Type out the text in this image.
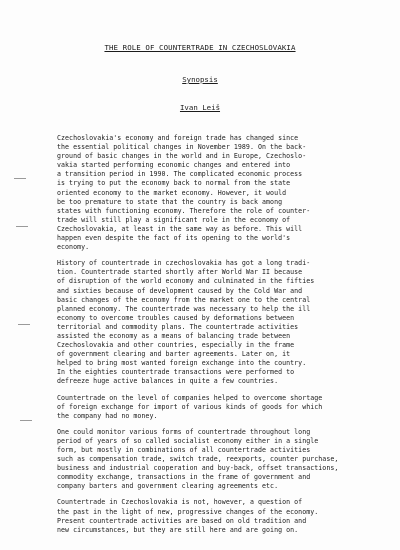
THE ROLE OF COUNTERTRADE IN CZECHOSLOVAKIA
Synopsis
Ivan Leiš
Czechoslovakia's economy and foreign trade has changed since
the essential political changes in November 1989. On the back-
ground of basic changes in the world and in Europe, Czechoslo-
vakia started performing economic changes and entered into
a transition period in 1990. The complicated economic process
is trying to put the economy back to normal from the state
oriented economy to the market economy. However, it would
be too premature to state that the country is back among
states with functioning economy. Therefore the role of counter-
trade will still play a significant role in the economy of
Czechoslovakia, at least in the same way as before. This will
happen even despite the fact of its opening to the world's
economy.
History of countertrade in czechoslovakia has got a long tradi-
tion. Countertrade started shortly after World War II because
of disruption of the world economy and culminated in the fifties
and sixties because of development caused by the Cold War and
basic changes of the economy from the market one to the central
planned economy. The countertrade was necessary to help the ill
economy to overcome troubles caused by deformations between
territorial and commodity plans. The countertrade activities
assisted the economy as a means of balancing trade between
Czechoslovakia and other countries, especially in the frame
of government clearing and barter agreements. Later on, it
helped to bring most wanted foreign exchange into the country.
In the eighties countertrade transactions were performed to
defreeze huge active balances in quite a few countries.
Countertrade on the level of companies helped to overcome shortage
of foreign exchange for import of various kinds of goods for which
the company had no money.
One could monitor various forms of countertrade throughout long
period of years of so called socialist economy either in a single
form, but mostly in combinations of all countertrade activities
such as compensation trade, switch trade, reexports, counter purchase,
business and industrial cooperation and buy-back, offset transactions,
commodity exchange, transactions in the frame of government and
company barters and government clearing agreements etc.
Countertrade in Czechoslovakia is not, however, a question of
the past in the light of new, progressive changes of the economy.
Present countertrade activities are based on old tradition and
new circumstances, but they are still here and are going on.
